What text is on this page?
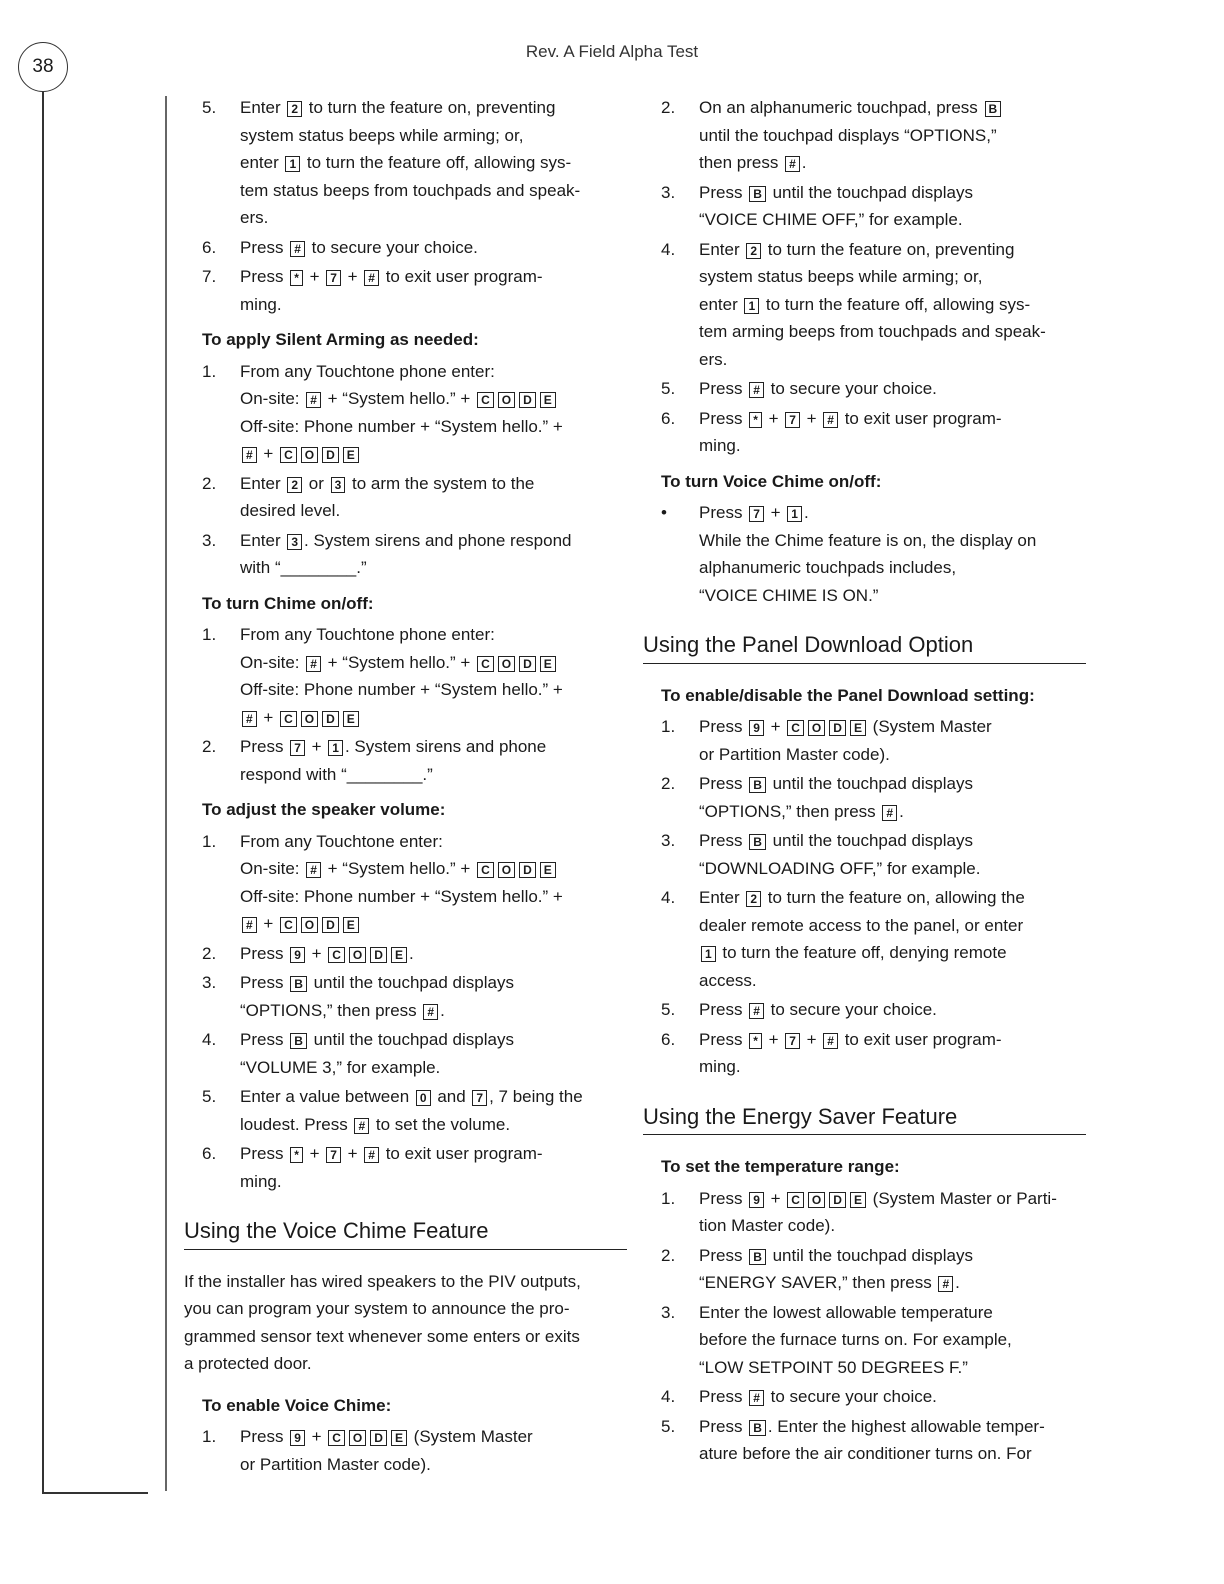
38
Rev. A Field Alpha Test
5. Enter 2 to turn the feature on, preventing
system status beeps while arming; or,
enter 1 to turn the feature off, allowing sys-
tem status beeps from touchpads and speak-
ers.
6. Press # to secure your choice.
7. Press * + 7 + # to exit user program-
ming.
To apply Silent Arming as needed:
1. From any Touchtone phone enter:
On-site: # + “System hello.” + C O D E
Off-site: Phone number + “System hello.” +
# + C O D E
2. Enter 2 or 3 to arm the system to the
desired level.
3. Enter 3 . System sirens and phone respond
with “________.”
To turn Chime on/off:
1. From any Touchtone phone enter:
On-site: # + “System hello.” + C O D E
Off-site: Phone number + “System hello.” +
# + C O D E
2. Press 7 + 1 . System sirens and phone
respond with “________.”
To adjust the speaker volume:
1. From any Touchtone enter:
On-site: # + “System hello.” + C O D E
Off-site: Phone number + “System hello.” +
# + C O D E
2. Press 9 + C O D E .
3. Press B until the touchpad displays
“OPTIONS,” then press # .
4. Press B until the touchpad displays
“VOLUME 3,” for example.
5. Enter a value between 0 and 7 , 7 being the
loudest. Press # to set the volume.
6. Press * + 7 + # to exit user program-
ming.
Using the Voice Chime Feature
If the installer has wired speakers to the PIV outputs,
you can program your system to announce the pro-
grammed sensor text whenever some enters or exits
a protected door.
To enable Voice Chime:
1. Press 9 + C O D E (System Master
or Partition Master code).
2. On an alphanumeric touchpad, press B
until the touchpad displays “OPTIONS,”
then press # .
3. Press B until the touchpad displays
“VOICE CHIME OFF,” for example.
4. Enter 2 to turn the feature on, preventing
system status beeps while arming; or,
enter 1 to turn the feature off, allowing sys-
tem arming beeps from touchpads and speak-
ers.
5. Press # to secure your choice.
6. Press * + 7 + # to exit user program-
ming.
To turn Voice Chime on/off:
• Press 7 + 1 .
While the Chime feature is on, the display on
alphanumeric touchpads includes,
“VOICE CHIME IS ON.”
Using the Panel Download Option
To enable/disable the Panel Download setting:
1. Press 9 + C O D E (System Master
or Partition Master code).
2. Press B until the touchpad displays
“OPTIONS,” then press # .
3. Press B until the touchpad displays
“DOWNLOADING OFF,” for example.
4. Enter 2 to turn the feature on, allowing the
dealer remote access to the panel, or enter
1 to turn the feature off, denying remote
access.
5. Press # to secure your choice.
6. Press * + 7 + # to exit user program-
ming.
Using the Energy Saver Feature
To set the temperature range:
1. Press 9 + C O D E (System Master or Parti-
tion Master code).
2. Press B until the touchpad displays
“ENERGY SAVER,” then press # .
3. Enter the lowest allowable temperature
before the furnace turns on. For example,
“LOW SETPOINT 50 DEGREES F.”
4. Press # to secure your choice.
5. Press B . Enter the highest allowable temper-
ature before the air conditioner turns on. For
